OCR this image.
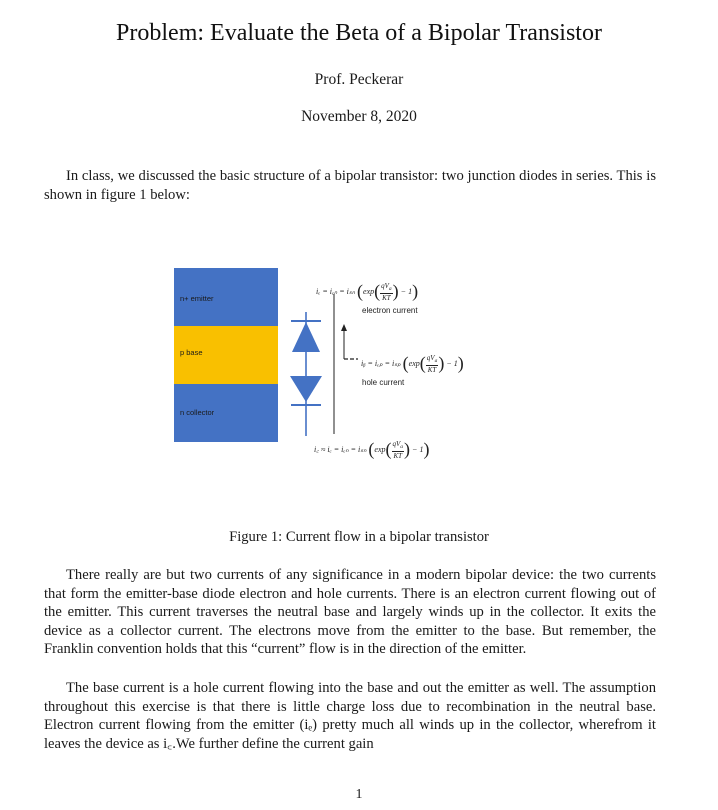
Problem: Evaluate the Beta of a Bipolar Transistor
Prof. Peckerar
November 8, 2020

In class, we discussed the basic structure of a bipolar transistor: two junction diodes in series. This is shown in figure 1 below:

n+ emitter
p base
n collector
iₑ = iₑₙ = iₛₙ ($\exp( \frac{qV_a}{KT}$ ) − 1)
electron current
iᵦ = iₑₚ = iₛₚ ($\exp( \frac{qV_a}{KT}$ ) − 1)
hole current
i꜀ ≈ iₑ = iₑₙ = iₛₙ ($\exp( \frac{qV_a}{KT}$ ) − 1)
Figure 1: Current flow in a bipolar transistor

There really are but two currents of any significance in a modern bipolar device: the two currents that form the emitter-base diode electron and hole currents. There is an electron current flowing out of the emitter. This current traverses the neutral base and largely winds up in the collector. It exits the device as a collector current. The electrons move from the emitter to the base. But remember, the Franklin convention holds that this “current” flow is in the direction of the emitter.

The base current is a hole current flowing into the base and out the emitter as well. The assumption throughout this exercise is that there is little charge loss due to recombination in the neutral base. Electron current flowing from the emitter (iₑ) pretty much all winds up in the collector, wherefrom it leaves the device as i꜀.We further define the current gain

1
